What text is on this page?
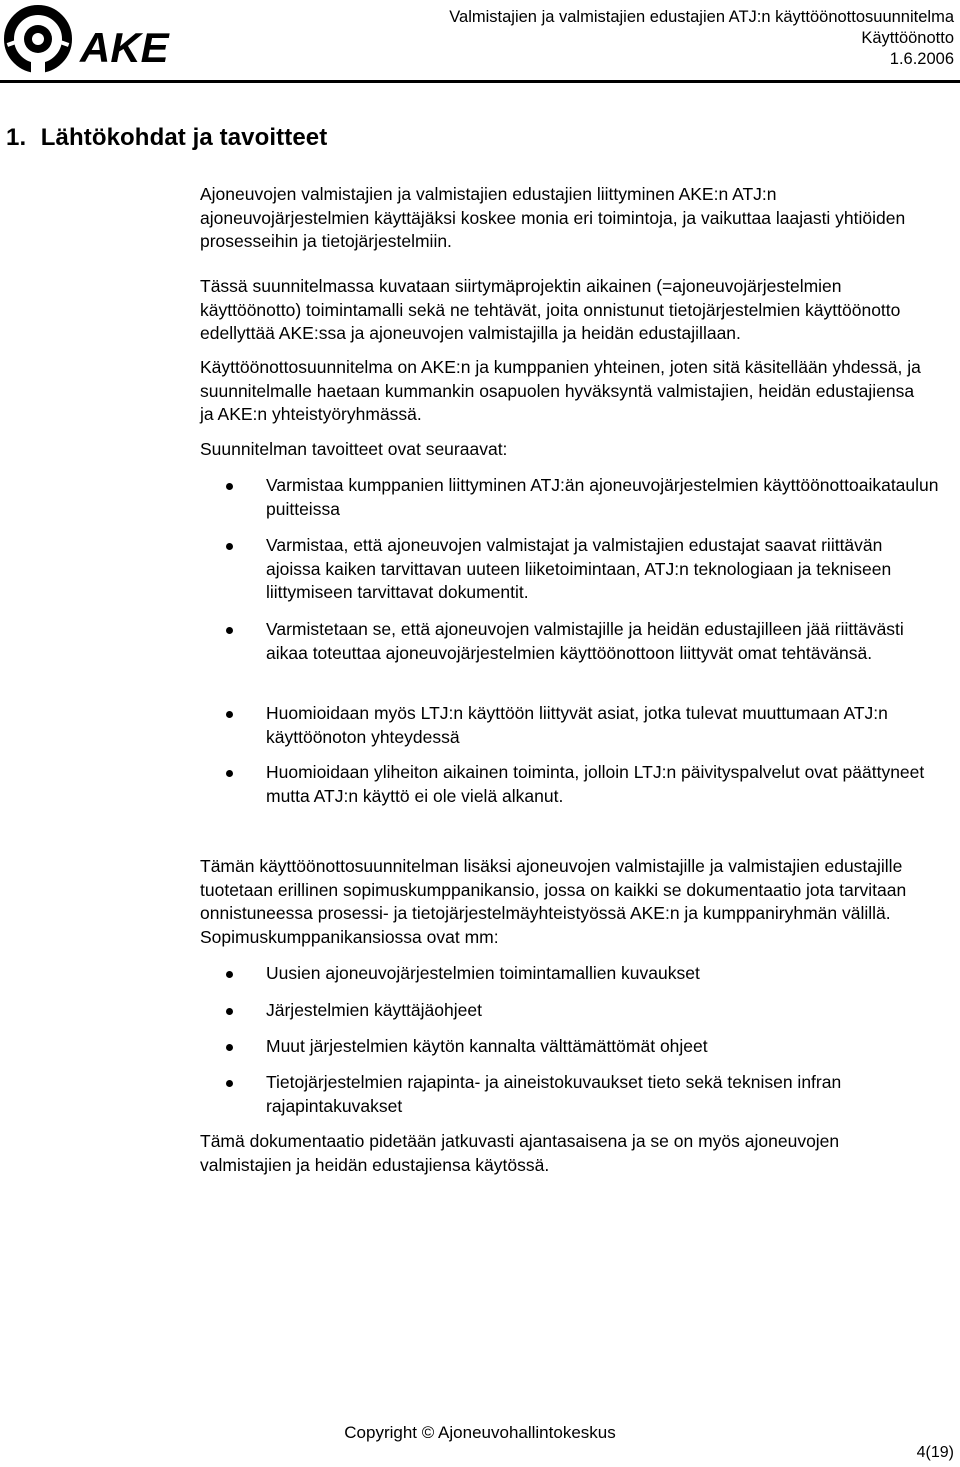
AKE
Valmistajien ja valmistajien edustajien ATJ:n käyttöönottosuunnitelma
Käyttöönotto
1.6.2006
1. Lähtökohdat ja tavoitteet

Ajoneuvojen valmistajien ja valmistajien edustajien liittyminen AKE:n ATJ:n ajoneuvojärjestelmien käyttäjäksi koskee monia eri toimintoja, ja vaikuttaa laajasti yhtiöiden prosesseihin ja tietojärjestelmiin.

Tässä suunnitelmassa kuvataan siirtymäprojektin aikainen (=ajoneuvojärjestelmien käyttöönotto) toimintamalli sekä ne tehtävät, joita onnistunut tietojärjestelmien käyttöönotto edellyttää AKE:ssa ja ajoneuvojen valmistajilla ja heidän edustajillaan.

Käyttöönottosuunnitelma on AKE:n ja kumppanien yhteinen, joten sitä käsitellään yhdessä, ja suunnitelmalle haetaan kummankin osapuolen hyväksyntä valmistajien, heidän edustajiensa ja AKE:n yhteistyöryhmässä.

Suunnitelman tavoitteet ovat seuraavat:

Varmistaa kumppanien liittyminen ATJ:än ajoneuvojärjestelmien käyttöönottoaikataulun puitteissa
Varmistaa, että ajoneuvojen valmistajat ja valmistajien edustajat saavat riittävän ajoissa kaiken tarvittavan uuteen liiketoimintaan, ATJ:n teknologiaan ja tekniseen liittymiseen tarvittavat dokumentit.
Varmistetaan se, että ajoneuvojen valmistajille ja heidän edustajilleen jää riittävästi aikaa toteuttaa ajoneuvojärjestelmien käyttöönottoon liittyvät omat tehtävänsä.
Huomioidaan myös LTJ:n käyttöön liittyvät asiat, jotka tulevat muuttumaan ATJ:n käyttöönoton yhteydessä
Huomioidaan yliheiton aikainen toiminta, jolloin LTJ:n päivityspalvelut ovat päättyneet mutta ATJ:n käyttö ei ole vielä alkanut.

Tämän käyttöönottosuunnitelman lisäksi ajoneuvojen valmistajille ja valmistajien edustajille tuotetaan erillinen sopimuskumppanikansio, jossa on kaikki se dokumentaatio jota tarvitaan onnistuneessa prosessi- ja tietojärjestelmäyhteistyössä AKE:n ja kumppaniryhmän välillä. Sopimuskumppanikansiossa ovat mm:

Uusien ajoneuvojärjestelmien toimintamallien kuvaukset
Järjestelmien käyttäjäohjeet
Muut järjestelmien käytön kannalta välttämättömät ohjeet
Tietojärjestelmien rajapinta- ja aineistokuvaukset tieto sekä teknisen infran rajapintakuvakset

Tämä dokumentaatio pidetään jatkuvasti ajantasaisena ja se on myös ajoneuvojen valmistajien ja heidän edustajiensa käytössä.

Copyright © Ajoneuvohallintokeskus
4(19)
